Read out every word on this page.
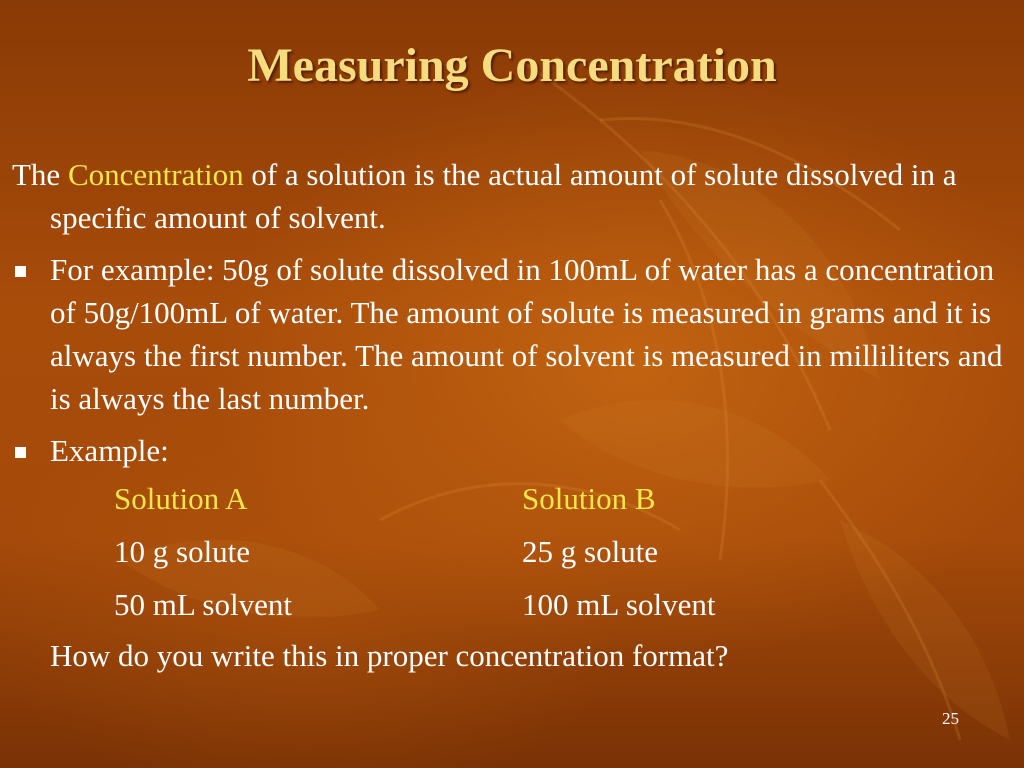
Measuring Concentration
The Concentration of a solution is the actual amount of solute dissolved in a specific amount of solvent.
For example: 50g of solute dissolved in 100mL of water has a concentration of 50g/100mL of water. The amount of solute is measured in grams and it is always the first number. The amount of solvent is measured in milliliters and is always the last number.
Example:
Solution A	Solution B
10 g solute	25 g solute
50 mL solvent	100 mL solvent
How do you write this in proper concentration format?
25
